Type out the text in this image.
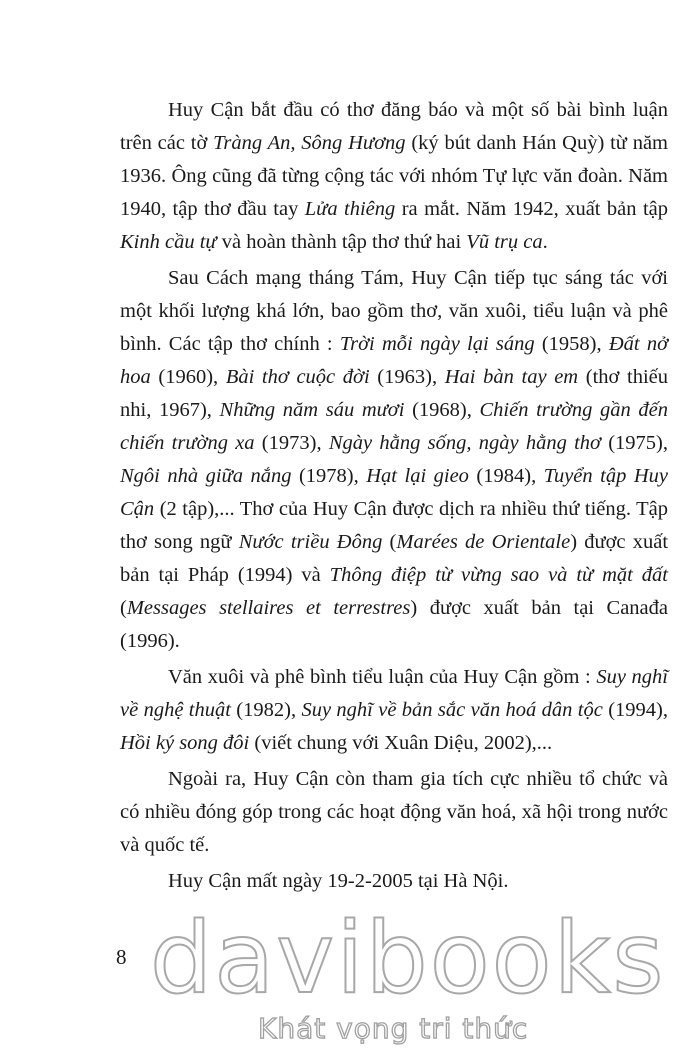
Huy Cận bắt đầu có thơ đăng báo và một số bài bình luận trên các tờ Tràng An, Sông Hương (ký bút danh Hán Quỳ) từ năm 1936. Ông cũng đã từng cộng tác với nhóm Tự lực văn đoàn. Năm 1940, tập thơ đầu tay Lửa thiêng ra mắt. Năm 1942, xuất bản tập Kinh cầu tự và hoàn thành tập thơ thứ hai Vũ trụ ca.

Sau Cách mạng tháng Tám, Huy Cận tiếp tục sáng tác với một khối lượng khá lớn, bao gồm thơ, văn xuôi, tiểu luận và phê bình. Các tập thơ chính : Trời mỗi ngày lại sáng (1958), Đất nở hoa (1960), Bài thơ cuộc đời (1963), Hai bàn tay em (thơ thiếu nhi, 1967), Những năm sáu mươi (1968), Chiến trường gần đến chiến trường xa (1973), Ngày hằng sống, ngày hằng thơ (1975), Ngôi nhà giữa nắng (1978), Hạt lại gieo (1984), Tuyển tập Huy Cận (2 tập),... Thơ của Huy Cận được dịch ra nhiều thứ tiếng. Tập thơ song ngữ Nước triều Đông (Marées de Orientale) được xuất bản tại Pháp (1994) và Thông điệp từ vừng sao và từ mặt đất (Messages stellaires et terrestres) được xuất bản tại Canađa (1996).

Văn xuôi và phê bình tiểu luận của Huy Cận gồm : Suy nghĩ về nghệ thuật (1982), Suy nghĩ về bản sắc văn hoá dân tộc (1994), Hồi ký song đôi (viết chung với Xuân Diệu, 2002),...

Ngoài ra, Huy Cận còn tham gia tích cực nhiều tổ chức và có nhiều đóng góp trong các hoạt động văn hoá, xã hội trong nước và quốc tế.

Huy Cận mất ngày 19-2-2005 tại Hà Nội.

8 davibooks
Khát vọng tri thức
